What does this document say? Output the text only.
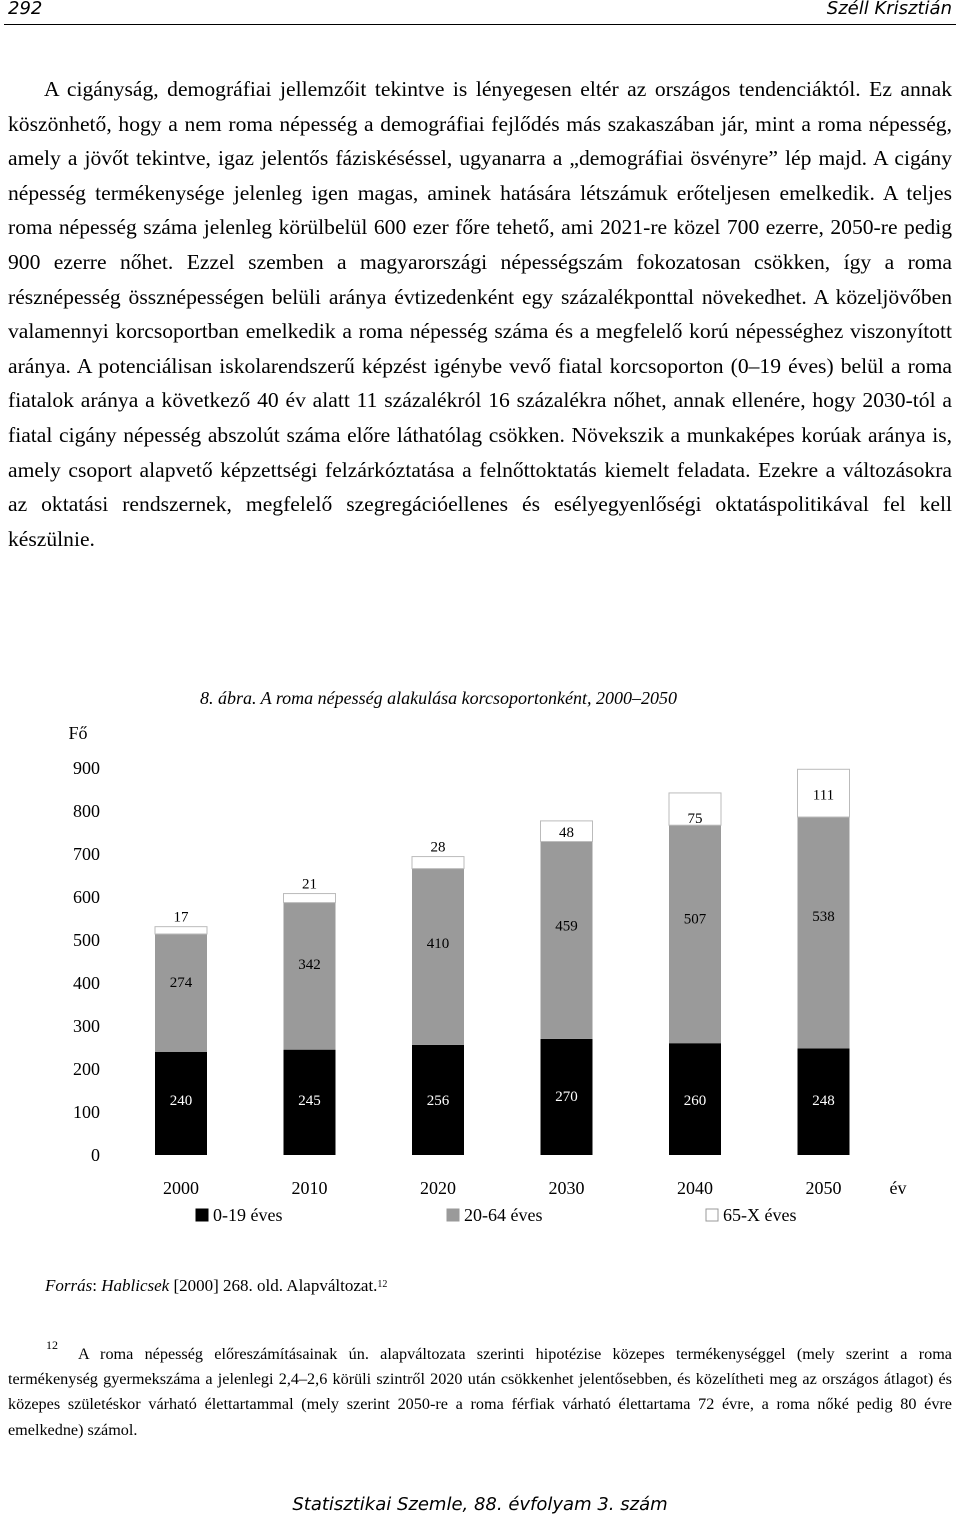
292	Széll Krisztián

A cigányság, demográfiai jellemzőit tekintve is lényegesen eltér az országos tendenciáktól. Ez annak köszönhető, hogy a nem roma népesség a demográfiai fejlődés más szakaszában jár, mint a roma népesség, amely a jövőt tekintve, igaz jelentős fáziskéséssel, ugyanarra a „demográfiai ösvényre” lép majd. A cigány népesség termékenysége jelenleg igen magas, aminek hatására létszámuk erőteljesen emelkedik. A teljes roma népesség száma jelenleg körülbelül 600 ezer főre tehető, ami 2021-re közel 700 ezerre, 2050-re pedig 900 ezerre nőhet. Ezzel szemben a magyarországi népességszám fokozatosan csökken, így a roma résznépesség össznépességen belüli aránya évtizedenként egy százalékponttal növekedhet. A közeljövőben valamennyi korcsoportban emelkedik a roma népesség száma és a megfelelő korú népességhez viszonyított aránya. A potenciálisan iskolarendszerű képzést igénybe vevő fiatal korcsoporton (0–19 éves) belül a roma fiatalok aránya a következő 40 év alatt 11 százalékról 16 százalékra nőhet, annak ellenére, hogy 2030-tól a fiatal cigány népesség abszolút száma előre láthatólag csökken. Növekszik a munkaképes korúak aránya is, amely csoport alapvető képzettségi felzárkóztatása a felnőttoktatás kiemelt feladata. Ezekre a változásokra az oktatási rendszernek, megfelelő szegregációellenes és esélyegyenlőségi oktatáspolitikával fel kell készülnie.

8. ábra. A roma népesség alakulása korcsoportonként, 2000–2050
Fő
0
100
200
300
400
500
600
700
800
900
240
274
17
2000
245
342
21
2010
256
410
28
2020
270
459
48
2030
260
507
75
2040
248
538
111
2050	év
0-19 éves	20-64 éves	65-X éves
Forrás: Hablicsek [2000] 268. old. Alapváltozat.$^{12}$
12	A roma népesség előreszámításainak ún. alapváltozata szerinti hipotézise közepes termékenységgel (mely szerint a roma termékenység gyermekszáma a jelenlegi 2,4–2,6 körüli szintről 2020 után csökkenhet jelentősebben, és közelítheti meg az országos átlagot) és közepes születéskor várható élettartammal (mely szerint 2050-re a roma férfiak várható élettartama 72 évre, a roma nőké pedig 80 évre emelkedne) számol.

Statisztikai Szemle, 88. évfolyam 3. szám
